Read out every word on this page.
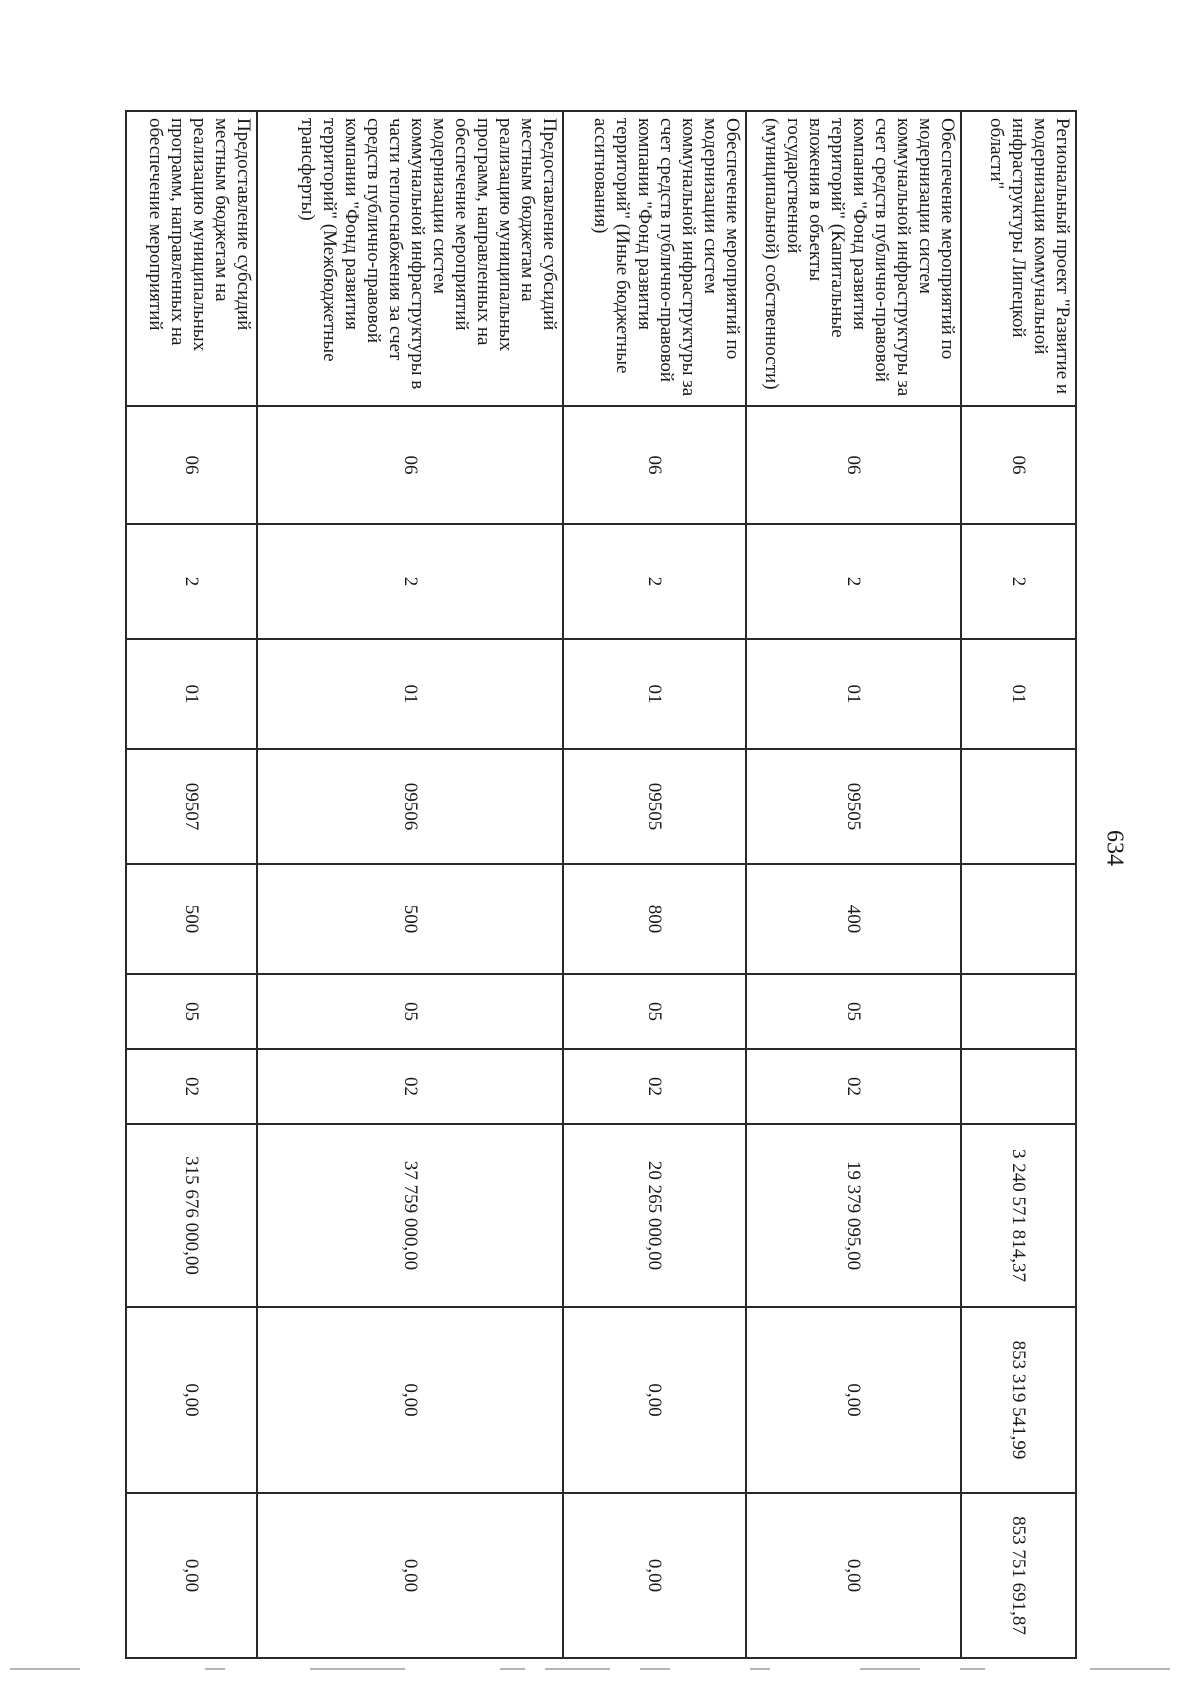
634
Региональный проект "Развитие и модернизация коммунальной инфраструктуры Липецкой области"	06	2	01					3 240 571 814,37	853 319 541,99	853 751 691,87
Обеспечение мероприятий по модернизации систем коммунальной инфраструктуры за счет средств публично-правовой компании "Фонд развития территорий" (Капитальные вложения в объекты государственной (муниципальной) собственности)	06	2	01	09505	400	05	02	19 379 095,00	0,00	0,00
Обеспечение мероприятий по модернизации систем коммунальной инфраструктуры за счет средств публично-правовой компании "Фонд развития территорий" (Иные бюджетные ассигнования)	06	2	01	09505	800	05	02	20 265 000,00	0,00	0,00
Предоставление субсидий местным бюджетам на реализацию муниципальных программ, направленных на обеспечение мероприятий модернизации систем коммунальной инфраструктуры в части теплоснабжения за счет средств публично-правовой компании "Фонд развития территорий" (Межбюджетные трансферты)	06	2	01	09506	500	05	02	37 759 000,00	0,00	0,00
Предоставление субсидий местным бюджетам на реализацию муниципальных программ, направленных на обеспечение мероприятий	06	2	01	09507	500	05	02	315 676 000,00	0,00	0,00
